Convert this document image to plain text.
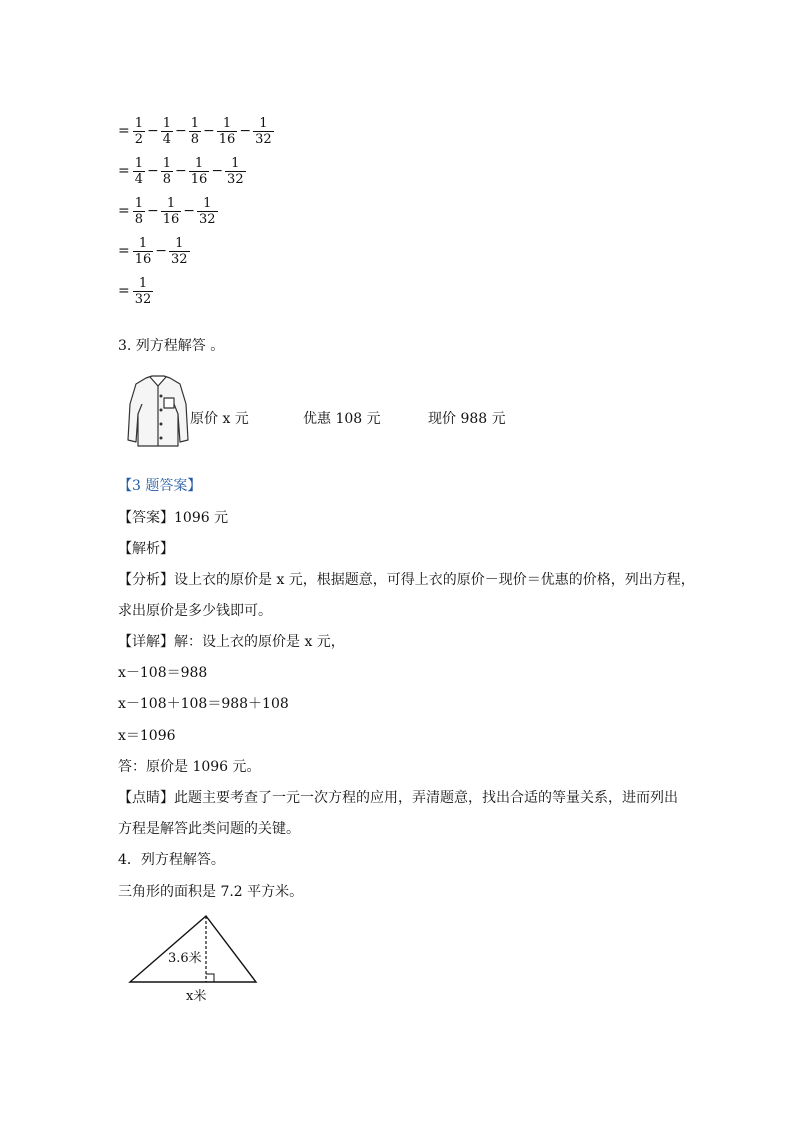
= $\frac{1}{2} - \frac{1}{4} - \frac{1}{8} - \frac{1}{16} - \frac{1}{32}$
= $\frac{1}{4} - \frac{1}{8} - \frac{1}{16} - \frac{1}{32}$
= $\frac{1}{8} - \frac{1}{16} - \frac{1}{32}$
= $\frac{1}{16} - \frac{1}{32}$
= $\frac{1}{32}$
3. 列方程解答 。
原价 x 元	优惠 108 元	现价 988 元
【3 题答案】
【答案】1096 元
【解析】
【分析】设上衣的原价是 x 元，根据题意，可得上衣的原价－现价＝优惠的价格，列出方程，
求出原价是多少钱即可。
【详解】解：设上衣的原价是 x 元，
x－108＝988
x－108＋108＝988＋108
x＝1096
答：原价是 1096 元。
【点睛】此题主要考查了一元一次方程的应用，弄清题意，找出合适的等量关系，进而列出
方程是解答此类问题的关键。
4．列方程解答。
三角形的面积是 7.2 平方米。
3.6米
x米
